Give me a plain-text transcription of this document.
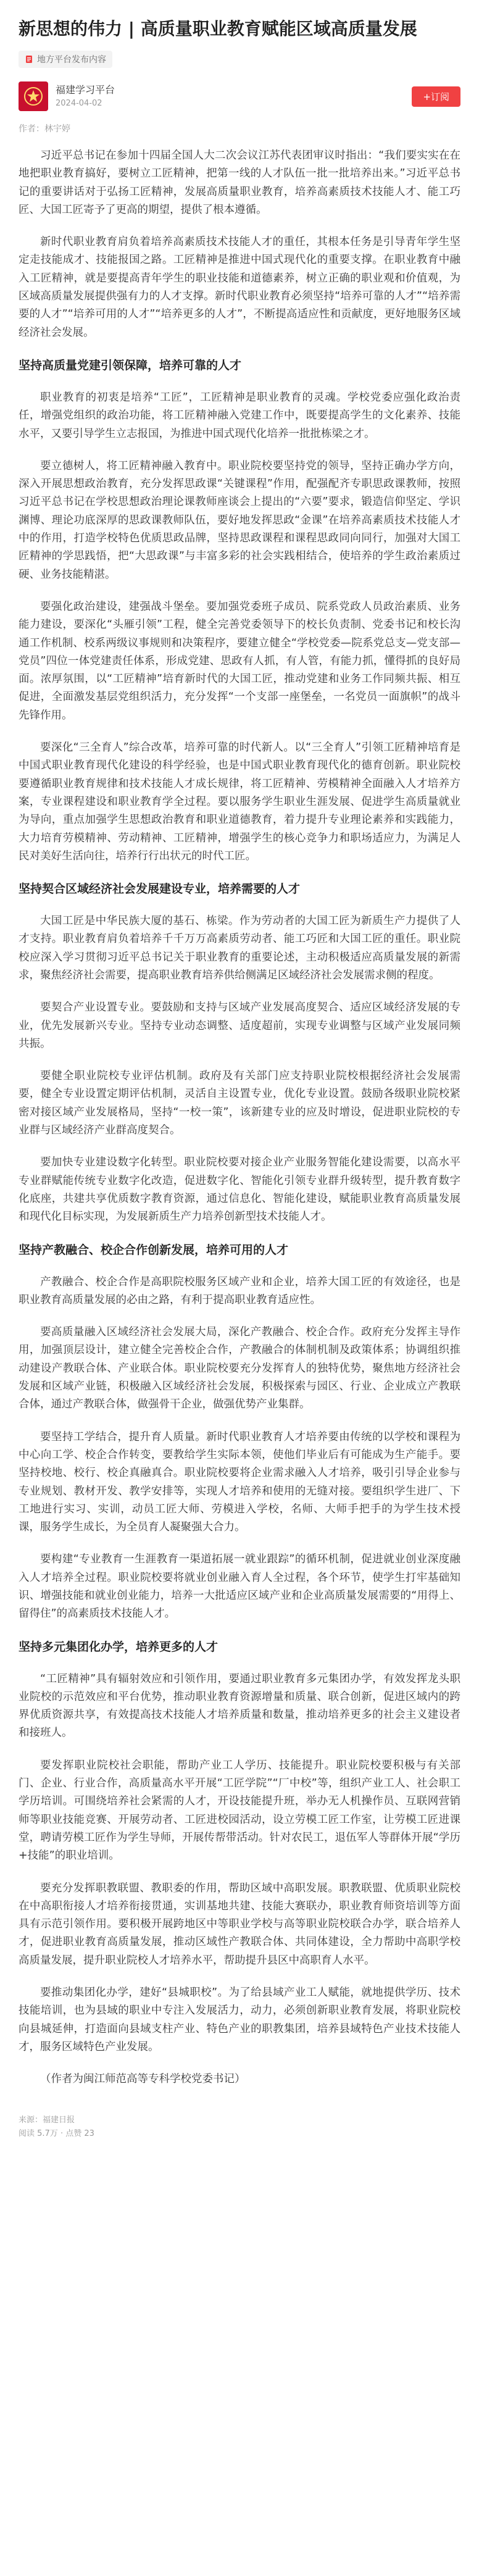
新思想的伟力 | 高质量职业教育赋能区域高质量发展
地方平台发布内容
福建学习平台
2024-04-02
+订阅
作者：林宇婷

习近平总书记在参加十四届全国人大二次会议江苏代表团审议时指出：“我们要实实在在地把职业教育搞好，要树立工匠精神，把第一线的人才队伍一批一批培养出来。”习近平总书记的重要讲话对于弘扬工匠精神，发展高质量职业教育，培养高素质技术技能人才、能工巧匠、大国工匠寄予了更高的期望，提供了根本遵循。

新时代职业教育肩负着培养高素质技术技能人才的重任，其根本任务是引导青年学生坚定走技能成才、技能报国之路。工匠精神是推进中国式现代化的重要支撑。在职业教育中融入工匠精神，就是要提高青年学生的职业技能和道德素养，树立正确的职业观和价值观，为区域高质量发展提供强有力的人才支撑。新时代职业教育必须坚持“培养可靠的人才”“培养需要的人才”“培养可用的人才”“培养更多的人才”，不断提高适应性和贡献度，更好地服务区域经济社会发展。

坚持高质量党建引领保障，培养可靠的人才

职业教育的初衷是培养“工匠”，工匠精神是职业教育的灵魂。学校党委应强化政治责任，增强党组织的政治功能，将工匠精神融入党建工作中，既要提高学生的文化素养、技能水平，又要引导学生立志报国，为推进中国式现代化培养一批批栋梁之才。

要立德树人，将工匠精神融入教育中。职业院校要坚持党的领导，坚持正确办学方向，深入开展思想政治教育，充分发挥思政课“关键课程”作用，配强配齐专职思政课教师，按照习近平总书记在学校思想政治理论课教师座谈会上提出的“六要”要求，锻造信仰坚定、学识渊博、理论功底深厚的思政课教师队伍，要好地发挥思政“金课”在培养高素质技术技能人才中的作用，打造学校特色优质思政品牌，坚持思政课程和课程思政同向同行，加强对大国工匠精神的学思践悟，把“大思政课”与丰富多彩的社会实践相结合，使培养的学生政治素质过硬、业务技能精湛。

要强化政治建设，建强战斗堡垒。要加强党委班子成员、院系党政人员政治素质、业务能力建设，要深化“头雁引领”工程，健全完善党委领导下的校长负责制、党委书记和校长沟通工作机制、校系两级议事规则和决策程序，要建立健全“学校党委—院系党总支—党支部—党员”四位一体党建责任体系，形成党建、思政有人抓，有人管，有能力抓，懂得抓的良好局面。浓厚氛围，以“工匠精神”培育新时代的大国工匠，推动党建和业务工作同频共振、相互促进，全面激发基层党组织活力，充分发挥“一个支部一座堡垒，一名党员一面旗帜”的战斗先锋作用。

要深化“三全育人”综合改革，培养可靠的时代新人。以“三全育人”引领工匠精神培育是中国式职业教育现代化建设的科学经验，也是中国式职业教育现代化的德育创新。职业院校要遵循职业教育规律和技术技能人才成长规律，将工匠精神、劳模精神全面融入人才培养方案，专业课程建设和职业教育学全过程。要以服务学生职业生涯发展、促进学生高质量就业为导向，重点加强学生思想政治教育和职业道德教育，着力提升专业理论素养和实践能力，大力培育劳模精神、劳动精神、工匠精神，增强学生的核心竞争力和职场适应力，为满足人民对美好生活向往，培养行行出状元的时代工匠。

坚持契合区域经济社会发展建设专业，培养需要的人才

大国工匠是中华民族大厦的基石、栋梁。作为劳动者的大国工匠为新质生产力提供了人才支持。职业教育肩负着培养千千万万高素质劳动者、能工巧匠和大国工匠的重任。职业院校应深入学习贯彻习近平总书记关于职业教育的重要论述，主动积极适应高质量发展的新需求，聚焦经济社会需要，提高职业教育培养供给侧满足区域经济社会发展需求侧的程度。

要契合产业设置专业。要鼓励和支持与区域产业发展高度契合、适应区域经济发展的专业，优先发展新兴专业。坚持专业动态调整、适度超前，实现专业调整与区域产业发展同频共振。

要健全职业院校专业评估机制。政府及有关部门应支持职业院校根据经济社会发展需要，健全专业设置定期评估机制，灵活自主设置专业，优化专业设置。鼓励各级职业院校紧密对接区域产业发展格局，坚持“一校一策”，该新建专业的应及时增设，促进职业院校的专业群与区域经济产业群高度契合。

要加快专业建设数字化转型。职业院校要对接企业产业服务智能化建设需要，以高水平专业群赋能传统专业数字化改造，促进数字化、智能化引领专业群升级转型，提升教育数字化底座，共建共享优质数字教育资源，通过信息化、智能化建设，赋能职业教育高质量发展和现代化目标实现，为发展新质生产力培养创新型技术技能人才。

坚持产教融合、校企合作创新发展，培养可用的人才

产教融合、校企合作是高职院校服务区域产业和企业，培养大国工匠的有效途径，也是职业教育高质量发展的必由之路，有利于提高职业教育适应性。

要高质量融入区域经济社会发展大局，深化产教融合、校企合作。政府充分发挥主导作用，加强顶层设计，建立健全完善校企合作，产教融合的体制机制及政策体系；协调组织推动建设产教联合体、产业联合体。职业院校要充分发挥育人的独特优势，聚焦地方经济社会发展和区域产业链，积极融入区域经济社会发展，积极探索与园区、行业、企业成立产教联合体，通过产教联合体，做强骨干企业，做强优势产业集群。

要坚持工学结合，提升育人质量。新时代职业教育人才培养要由传统的以学校和课程为中心向工学、校企合作转变，要教给学生实际本领，使他们毕业后有可能成为生产能手。要坚持校地、校行、校企真融真合。职业院校要将企业需求融入人才培养，吸引引导企业参与专业规划、教材开发、教学安排等，实现人才培养和使用的无缝对接。要组织学生进厂、下工地进行实习、实训，动员工匠大师、劳模进入学校，名师、大师手把手的为学生技术授课，服务学生成长，为全员育人凝聚强大合力。

要构建“专业教育一生涯教育一渠道拓展一就业跟踪”的循环机制，促进就业创业深度融入人才培养全过程。职业院校要将就业创业融入育人全过程，各个环节，使学生打牢基础知识、增强技能和就业创业能力，培养一大批适应区域产业和企业高质量发展需要的“用得上、留得住”的高素质技术技能人才。

坚持多元集团化办学，培养更多的人才

“工匠精神”具有辐射效应和引领作用，要通过职业教育多元集团办学，有效发挥龙头职业院校的示范效应和平台优势，推动职业教育资源增量和质量、联合创新，促进区域内的跨界优质资源共享，有效提高技术技能人才培养质量和数量，推动培养更多的社会主义建设者和接班人。

要发挥职业院校社会职能，帮助产业工人学历、技能提升。职业院校要积极与有关部门、企业、行业合作，高质量高水平开展“工匠学院”“厂中校”等，组织产业工人、社会职工学历培训。可围绕培养社会紧需的人才，开设技能提升班，举办无人机操作员、互联网营销师等职业技能竞赛、开展劳动者、工匠进校园活动，设立劳模工匠工作室，让劳模工匠进课堂，聘请劳模工匠作为学生导师，开展传帮带活动。针对农民工，退伍军人等群体开展“学历+技能”的职业培训。

要充分发挥职教联盟、教职委的作用，帮助区域中高职发展。职教联盟、优质职业院校在中高职衔接人才培养衔接贯通，实训基地共建、技能大赛联办，职业教育师资培训等方面具有示范引领作用。要积极开展跨地区中等职业学校与高等职业院校联合办学，联合培养人才，促进职业教育高质量发展，推动区域性产教联合体、共同体建设，全力帮助中高职学校高质量发展，提升职业院校人才培养水平，帮助提升县区中高职育人水平。

要推动集团化办学，建好“县城职校”。为了给县域产业工人赋能，就地提供学历、技术技能培训，也为县域的职业中专注入发展活力，动力，必须创新职业教育发展，将职业院校向县城延伸，打造面向县域支柱产业、特色产业的职教集团，培养县域特色产业技术技能人才，服务区域特色产业发展。

（作者为闽江师范高等专科学校党委书记）

来源：福建日报
阅读 5.7万 · 点赞 23
